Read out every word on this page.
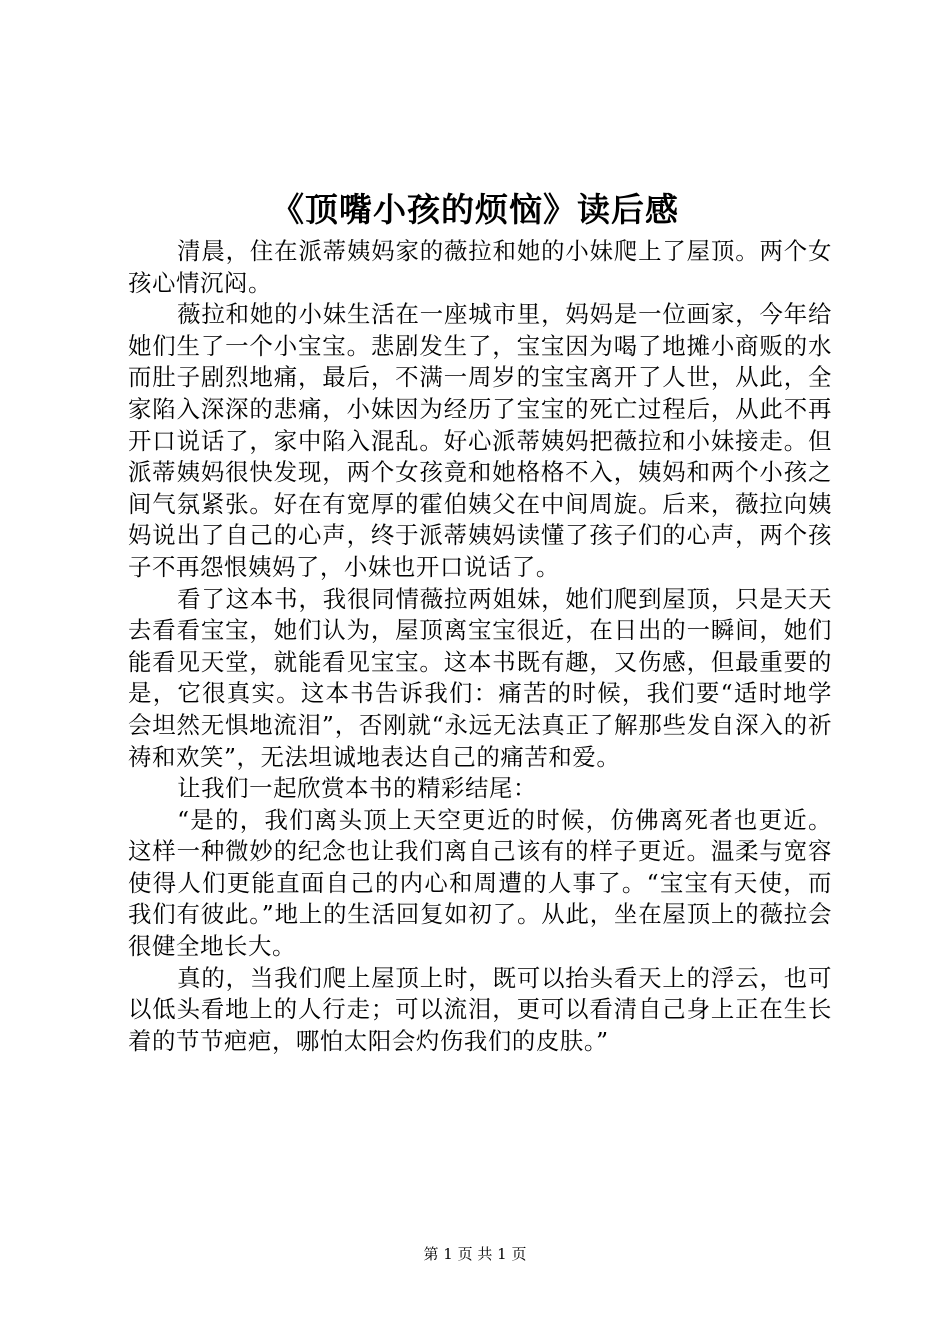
《顶嘴小孩的烦恼》读后感

清晨，住在派蒂姨妈家的薇拉和她的小妹爬上了屋顶。两个女孩心情沉闷。

薇拉和她的小妹生活在一座城市里，妈妈是一位画家，今年给她们生了一个小宝宝。悲剧发生了，宝宝因为喝了地摊小商贩的水而肚子剧烈地痛，最后，不满一周岁的宝宝离开了人世，从此，全家陷入深深的悲痛，小妹因为经历了宝宝的死亡过程后，从此不再开口说话了，家中陷入混乱。好心派蒂姨妈把薇拉和小妹接走。但派蒂姨妈很快发现，两个女孩竟和她格格不入，姨妈和两个小孩之间气氛紧张。好在有宽厚的霍伯姨父在中间周旋。后来，薇拉向姨妈说出了自己的心声，终于派蒂姨妈读懂了孩子们的心声，两个孩子不再怨恨姨妈了，小妹也开口说话了。

看了这本书，我很同情薇拉两姐妹，她们爬到屋顶，只是天天去看看宝宝，她们认为，屋顶离宝宝很近，在日出的一瞬间，她们能看见天堂，就能看见宝宝。这本书既有趣，又伤感，但最重要的是，它很真实。这本书告诉我们：痛苦的时候，我们要“适时地学会坦然无惧地流泪”，否刚就“永远无法真正了解那些发自深入的祈祷和欢笑”，无法坦诚地表达自己的痛苦和爱。

让我们一起欣赏本书的精彩结尾：

“是的，我们离头顶上天空更近的时候，仿佛离死者也更近。这样一种微妙的纪念也让我们离自己该有的样子更近。温柔与宽容使得人们更能直面自己的内心和周遭的人事了。“宝宝有天使，而我们有彼此。”地上的生活回复如初了。从此，坐在屋顶上的薇拉会很健全地长大。

真的，当我们爬上屋顶上时，既可以抬头看天上的浮云，也可以低头看地上的人行走；可以流泪，更可以看清自己身上正在生长着的节节疤疤，哪怕太阳会灼伤我们的皮肤。”

第 1 页 共 1 页
